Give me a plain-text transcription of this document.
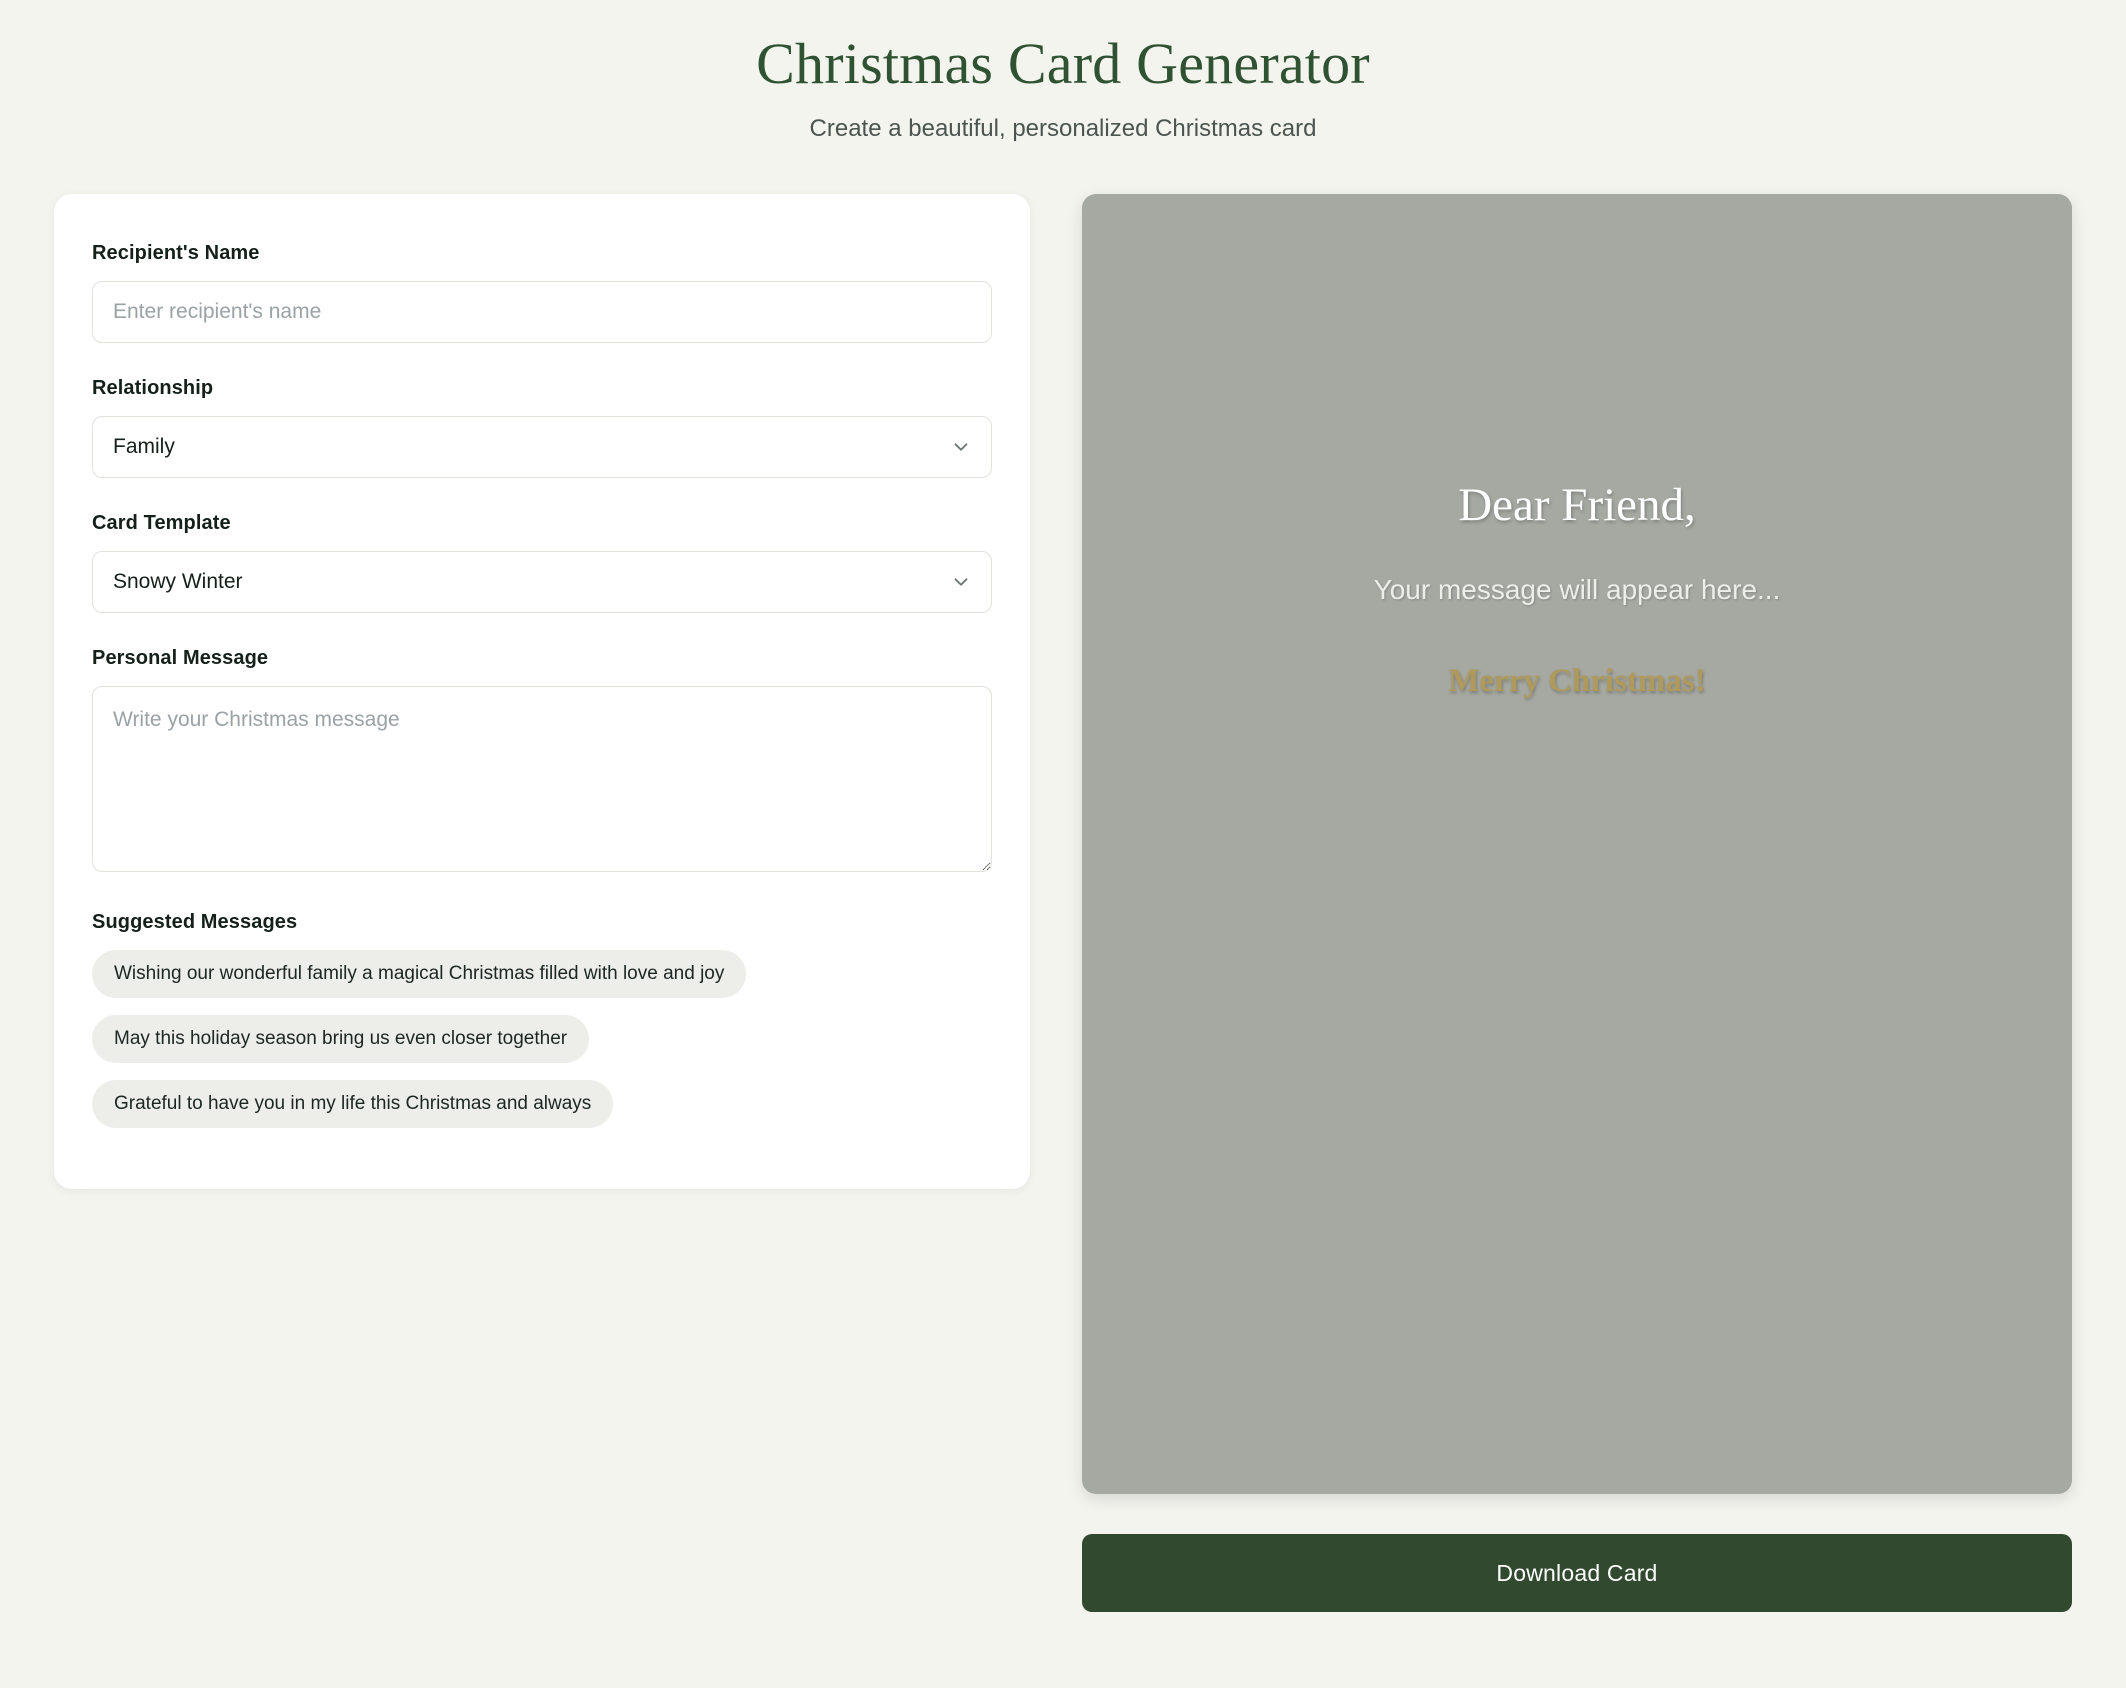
Christmas Card Generator

Create a beautiful, personalized Christmas card

Recipient's Name
Enter recipient's name
Relationship
Family
Card Template
Snowy Winter
Personal Message
Write your Christmas message
Suggested Messages
Wishing our wonderful family a magical Christmas filled with love and joy
May this holiday season bring us even closer together
Grateful to have you in my life this Christmas and always
Dear Friend,
Your message will appear here...
Merry Christmas!
Download Card
